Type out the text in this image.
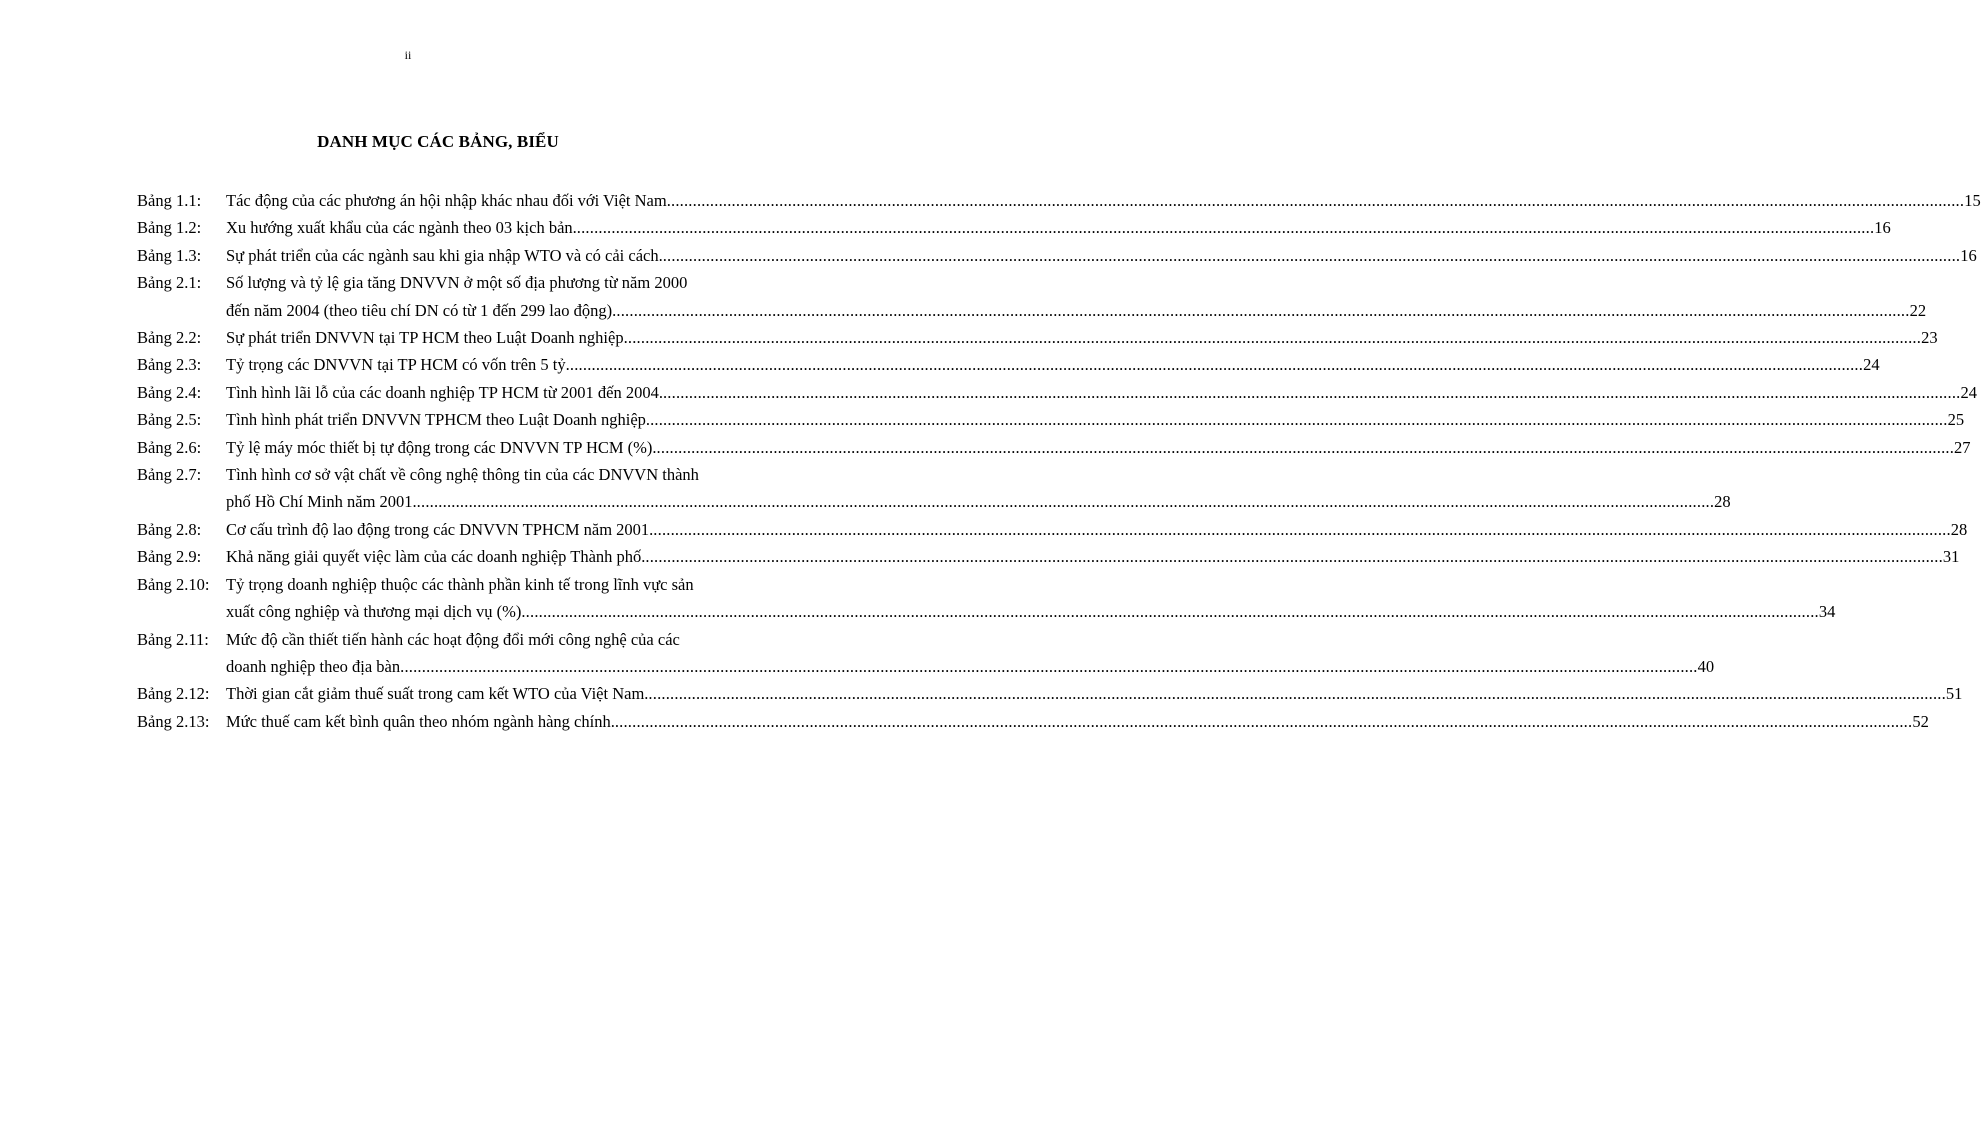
ii
DANH MỤC CÁC BẢNG, BIỂU
Bảng 1.1:	Tác động của các phương án hội nhập khác nhau đối với Việt Nam ............................................................................................................................................................................................................................................................................................................ 15
Bảng 1.2:	Xu hướng xuất khẩu của các ngành theo 03 kịch bản. ............................................................................................................................................................................................................................................................................................................ 16
Bảng 1.3:	Sự phát triển của các ngành sau khi gia nhập WTO và có cải cách. ............................................................................................................................................................................................................................................................................................................ 16
Bảng 2.1:	Số lượng và tỷ lệ gia tăng DNVVN ở một số địa phương từ năm 2000
đến năm 2004 (theo tiêu chí DN có từ 1 đến 299 lao động) ............................................................................................................................................................................................................................................................................................................ 22
Bảng 2.2:	Sự phát triển DNVVN tại TP HCM theo Luật Doanh nghiệp ............................................................................................................................................................................................................................................................................................................ 23
Bảng 2.3:	Tỷ trọng các DNVVN tại TP HCM có vốn trên 5 tỷ ............................................................................................................................................................................................................................................................................................................ 24
Bảng 2.4:	Tình hình lãi lỗ của các doanh nghiệp TP HCM từ 2001 đến 2004. ............................................................................................................................................................................................................................................................................................................ 24
Bảng 2.5:	Tình hình phát triển DNVVN TPHCM theo Luật Doanh nghiệp. ............................................................................................................................................................................................................................................................................................................ 25
Bảng 2.6:	Tỷ lệ máy móc thiết bị tự động trong các DNVVN TP HCM (%). ............................................................................................................................................................................................................................................................................................................ 27
Bảng 2.7:	Tình hình cơ sở vật chất về công nghệ thông tin của các DNVVN thành
phố Hồ Chí Minh năm 2001. ............................................................................................................................................................................................................................................................................................................ 28
Bảng 2.8:	Cơ cấu trình độ lao động trong các DNVVN TPHCM năm 2001. ............................................................................................................................................................................................................................................................................................................ 28
Bảng 2.9:	Khả năng giải quyết việc làm của các doanh nghiệp Thành phố. ............................................................................................................................................................................................................................................................................................................ 31
Bảng 2.10:	Tỷ trọng doanh nghiệp thuộc các thành phần kinh tế trong lĩnh vực sản
xuất công nghiệp và thương mại dịch vụ (%) ............................................................................................................................................................................................................................................................................................................ 34
Bảng 2.11:	Mức độ cần thiết tiến hành các hoạt động đổi mới công nghệ của các
doanh nghiệp theo địa bàn ............................................................................................................................................................................................................................................................................................................ 40
Bảng 2.12:	Thời gian cắt giảm thuế suất trong cam kết WTO của Việt Nam. ............................................................................................................................................................................................................................................................................................................ 51
Bảng 2.13:	Mức thuế cam kết bình quân theo nhóm ngành hàng chính. ............................................................................................................................................................................................................................................................................................................ 52
